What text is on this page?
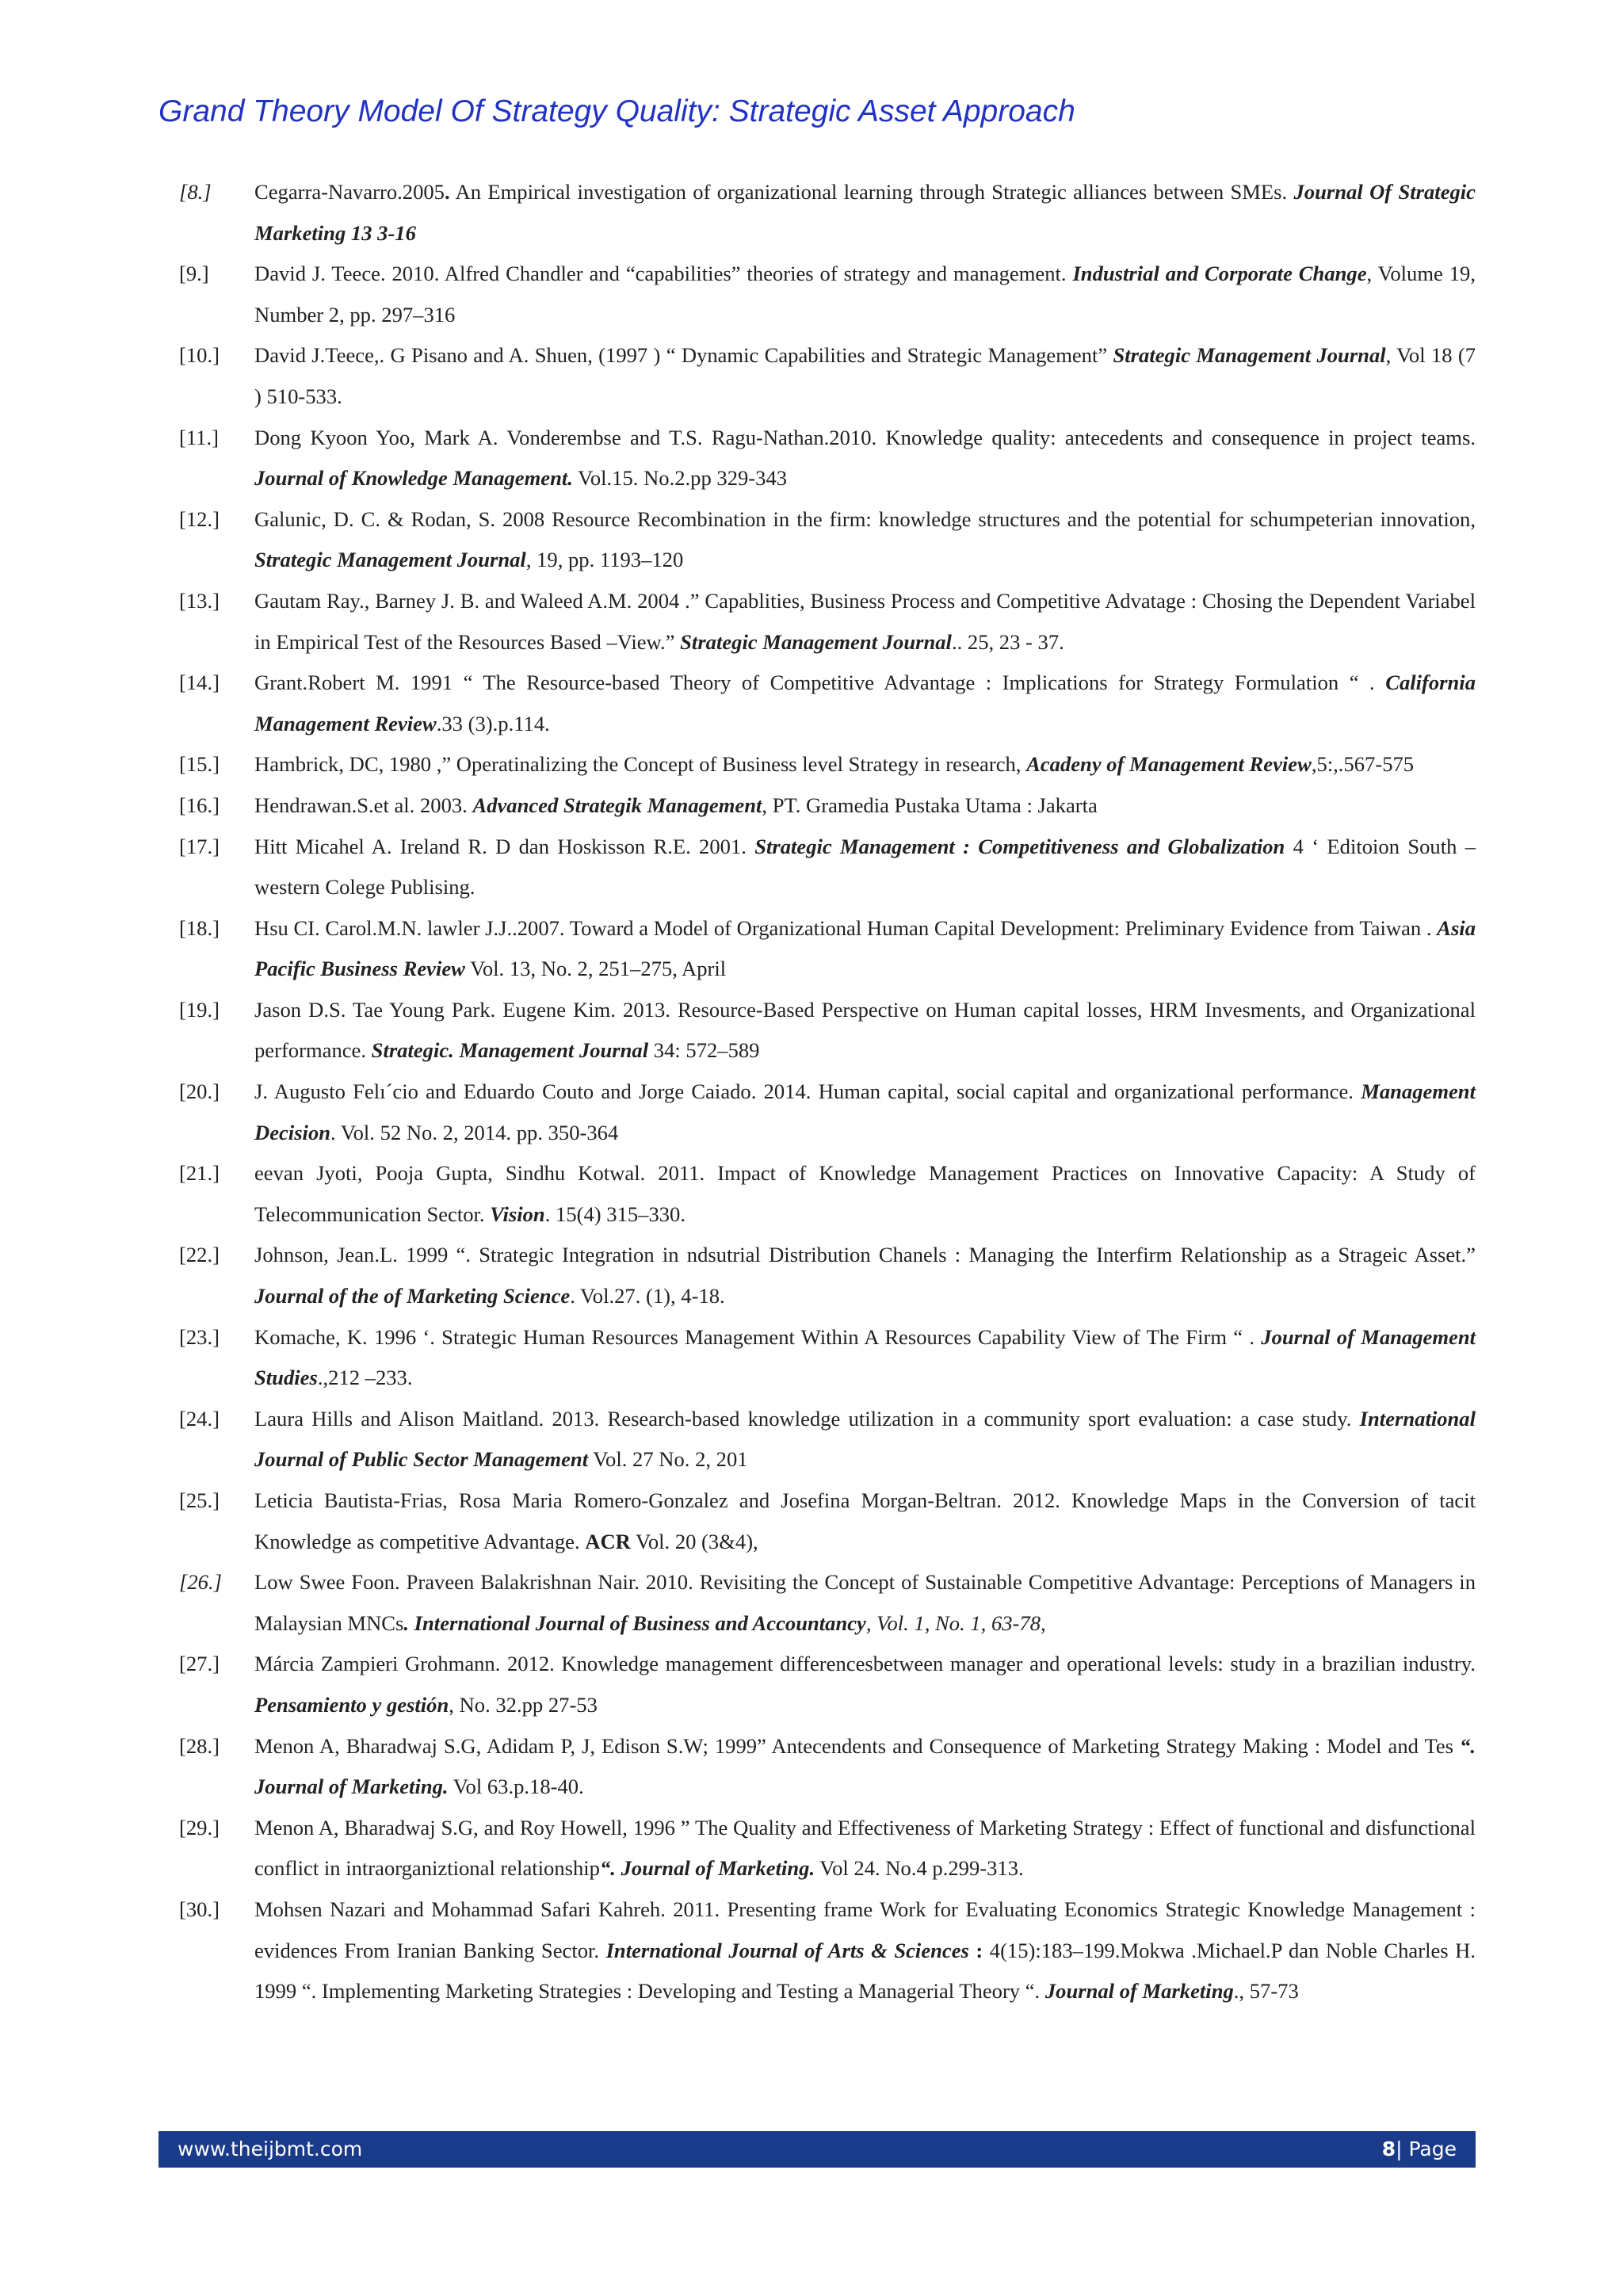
Grand Theory Model Of Strategy Quality: Strategic Asset Approach
[8.]	Cegarra-Navarro.2005. An Empirical investigation of organizational learning through Strategic alliances between SMEs. Journal Of Strategic Marketing 13 3-16
[9.]	David J. Teece. 2010. Alfred Chandler and “capabilities” theories of strategy and management. Industrial and Corporate Change, Volume 19, Number 2, pp. 297–316
[10.]	David J.Teece,. G Pisano and A. Shuen, (1997 ) “ Dynamic Capabilities and Strategic Management” Strategic Management Journal, Vol 18 (7 ) 510-533.
[11.]	Dong Kyoon Yoo, Mark A. Vonderembse and T.S. Ragu-Nathan.2010. Knowledge quality: antecedents and consequence in project teams. Journal of Knowledge Management. Vol.15. No.2.pp 329-343
[12.]	Galunic, D. C. & Rodan, S. 2008 Resource Recombination in the firm: knowledge structures and the potential for schumpeterian innovation, Strategic Management Journal, 19, pp. 1193–120
[13.]	Gautam Ray., Barney J. B. and Waleed A.M. 2004 .” Capablities, Business Process and Competitive Advatage : Chosing the Dependent Variabel in Empirical Test of the Resources Based –View.” Strategic Management Journal.. 25, 23 - 37.
[14.]	Grant.Robert M. 1991 “ The Resource-based Theory of Competitive Advantage : Implications for Strategy Formulation “ . California Management Review.33 (3).p.114.
[15.]	Hambrick, DC, 1980 ,” Operatinalizing the Concept of Business level Strategy in research, Acadeny of Management Review,5:,.567-575
[16.]	Hendrawan.S.et al. 2003. Advanced Strategik Management, PT. Gramedia Pustaka Utama : Jakarta
[17.]	Hitt Micahel A. Ireland R. D dan Hoskisson R.E. 2001. Strategic Management : Competitiveness and Globalization 4 ‘ Editoion South –western Colege Publising.
[18.]	Hsu CI. Carol.M.N. lawler J.J..2007. Toward a Model of Organizational Human Capital Development: Preliminary Evidence from Taiwan . Asia Pacific Business Review Vol. 13, No. 2, 251–275, April
[19.]	Jason D.S. Tae Young Park. Eugene Kim. 2013. Resource-Based Perspective on Human capital losses, HRM Invesments, and Organizational performance. Strategic. Management Journal 34: 572–589
[20.]	J. Augusto Felı´cio and Eduardo Couto and Jorge Caiado. 2014. Human capital, social capital and organizational performance. Management Decision. Vol. 52 No. 2, 2014. pp. 350-364
[21.]	eevan Jyoti, Pooja Gupta, Sindhu Kotwal. 2011. Impact of Knowledge Management Practices on Innovative Capacity: A Study of Telecommunication Sector. Vision. 15(4) 315–330.
[22.]	Johnson, Jean.L. 1999 “. Strategic Integration in ndsutrial Distribution Chanels : Managing the Interfirm Relationship as a Strageic Asset.” Journal of the of Marketing Science. Vol.27. (1), 4-18.
[23.]	Komache, K. 1996 ‘. Strategic Human Resources Management Within A Resources Capability View of The Firm “ . Journal of Management Studies.,212 –233.
[24.]	Laura Hills and Alison Maitland. 2013. Research-based knowledge utilization in a community sport evaluation: a case study. International Journal of Public Sector Management Vol. 27 No. 2, 201
[25.]	Leticia Bautista-Frias, Rosa Maria Romero-Gonzalez and Josefina Morgan-Beltran. 2012. Knowledge Maps in the Conversion of tacit Knowledge as competitive Advantage. ACR Vol. 20 (3&4),
[26.]	Low Swee Foon. Praveen Balakrishnan Nair. 2010. Revisiting the Concept of Sustainable Competitive Advantage: Perceptions of Managers in Malaysian MNCs. International Journal of Business and Accountancy, Vol. 1, No. 1, 63-78,
[27.]	Márcia Zampieri Grohmann. 2012. Knowledge management differencesbetween manager and operational levels: study in a brazilian industry. Pensamiento y gestión, No. 32.pp 27-53
[28.]	Menon A, Bharadwaj S.G, Adidam P, J, Edison S.W; 1999” Antecendents and Consequence of Marketing Strategy Making : Model and Tes “. Journal of Marketing. Vol 63.p.18-40.
[29.]	Menon A, Bharadwaj S.G, and Roy Howell, 1996 ” The Quality and Effectiveness of Marketing Strategy : Effect of functional and disfunctional conflict in intraorganiztional relationship“. Journal of Marketing. Vol 24. No.4 p.299-313.
[30.]	Mohsen Nazari and Mohammad Safari Kahreh. 2011. Presenting frame Work for Evaluating Economics Strategic Knowledge Management : evidences From Iranian Banking Sector. International Journal of Arts & Sciences : 4(15):183–199.Mokwa .Michael.P dan Noble Charles H. 1999 “. Implementing Marketing Strategies : Developing and Testing a Managerial Theory “. Journal of Marketing., 57-73
www.theijbmt.com	8| Page
